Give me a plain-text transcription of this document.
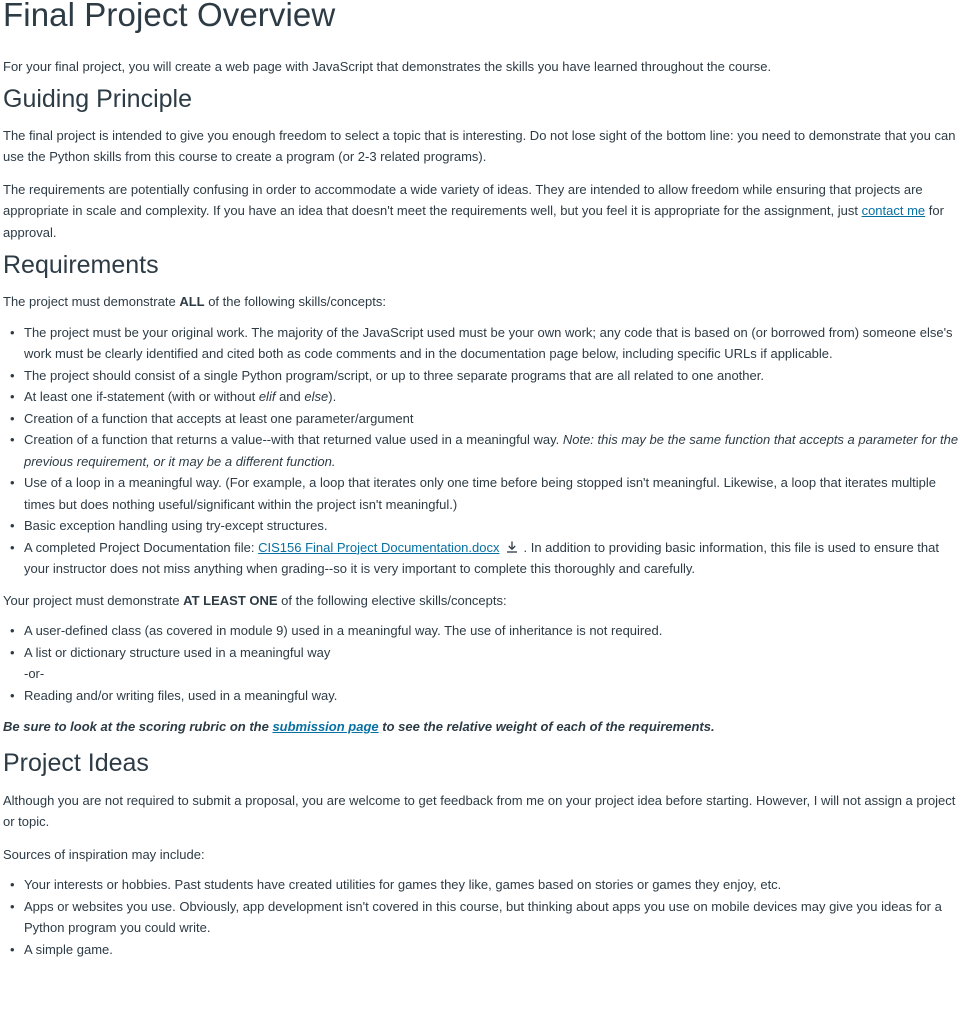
Final Project Overview

For your final project, you will create a web page with JavaScript that demonstrates the skills you have learned throughout the course.

Guiding Principle

The final project is intended to give you enough freedom to select a topic that is interesting. Do not lose sight of the bottom line: you need to demonstrate that you can use the Python skills from this course to create a program (or 2-3 related programs).

The requirements are potentially confusing in order to accommodate a wide variety of ideas. They are intended to allow freedom while ensuring that projects are appropriate in scale and complexity. If you have an idea that doesn't meet the requirements well, but you feel it is appropriate for the assignment, just contact me for approval.

Requirements

The project must demonstrate ALL of the following skills/concepts:

• The project must be your original work. The majority of the JavaScript used must be your own work; any code that is based on (or borrowed from) someone else's work must be clearly identified and cited both as code comments and in the documentation page below, including specific URLs if applicable.
• The project should consist of a single Python program/script, or up to three separate programs that are all related to one another.
• At least one if-statement (with or without elif and else).
• Creation of a function that accepts at least one parameter/argument
• Creation of a function that returns a value--with that returned value used in a meaningful way. Note: this may be the same function that accepts a parameter for the previous requirement, or it may be a different function.
• Use of a loop in a meaningful way. (For example, a loop that iterates only one time before being stopped isn't meaningful. Likewise, a loop that iterates multiple times but does nothing useful/significant within the project isn't meaningful.)
• Basic exception handling using try-except structures.
• A completed Project Documentation file: CIS156 Final Project Documentation.docx . In addition to providing basic information, this file is used to ensure that your instructor does not miss anything when grading--so it is very important to complete this thoroughly and carefully.

Your project must demonstrate AT LEAST ONE of the following elective skills/concepts:

• A user-defined class (as covered in module 9) used in a meaningful way. The use of inheritance is not required.
• A list or dictionary structure used in a meaningful way
-or-
• Reading and/or writing files, used in a meaningful way.

Be sure to look at the scoring rubric on the submission page to see the relative weight of each of the requirements.

Project Ideas

Although you are not required to submit a proposal, you are welcome to get feedback from me on your project idea before starting. However, I will not assign a project or topic.

Sources of inspiration may include:

• Your interests or hobbies. Past students have created utilities for games they like, games based on stories or games they enjoy, etc.
• Apps or websites you use. Obviously, app development isn't covered in this course, but thinking about apps you use on mobile devices may give you ideas for a Python program you could write.
• A simple game.
